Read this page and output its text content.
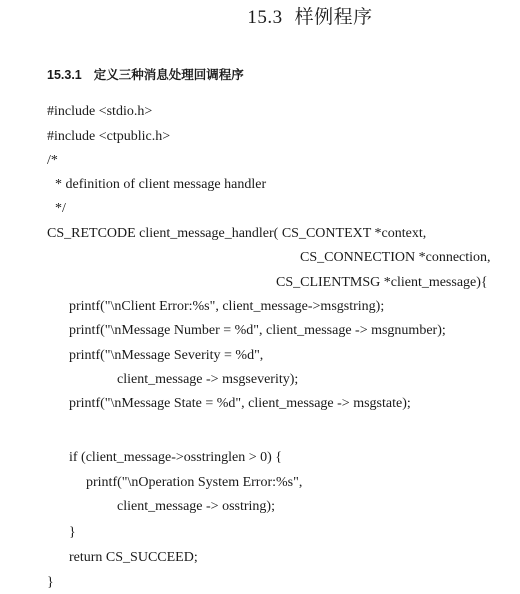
15.3 样例程序
15.3.1 定义三种消息处理回调程序
#include <stdio.h>
#include <ctpublic.h>
/*
* definition of client message handler
*/
CS_RETCODE client_message_handler( CS_CONTEXT *context,
CS_CONNECTION *connection,
CS_CLIENTMSG *client_message){
printf("\nClient Error:%s", client_message->msgstring);
printf("\nMessage Number = %d", client_message -> msgnumber);
printf("\nMessage Severity = %d",
client_message -> msgseverity);
printf("\nMessage State = %d", client_message -> msgstate);
if (client_message->osstringlen > 0) {
printf("\nOperation System Error:%s",
client_message -> osstring);
}
return CS_SUCCEED;
}
